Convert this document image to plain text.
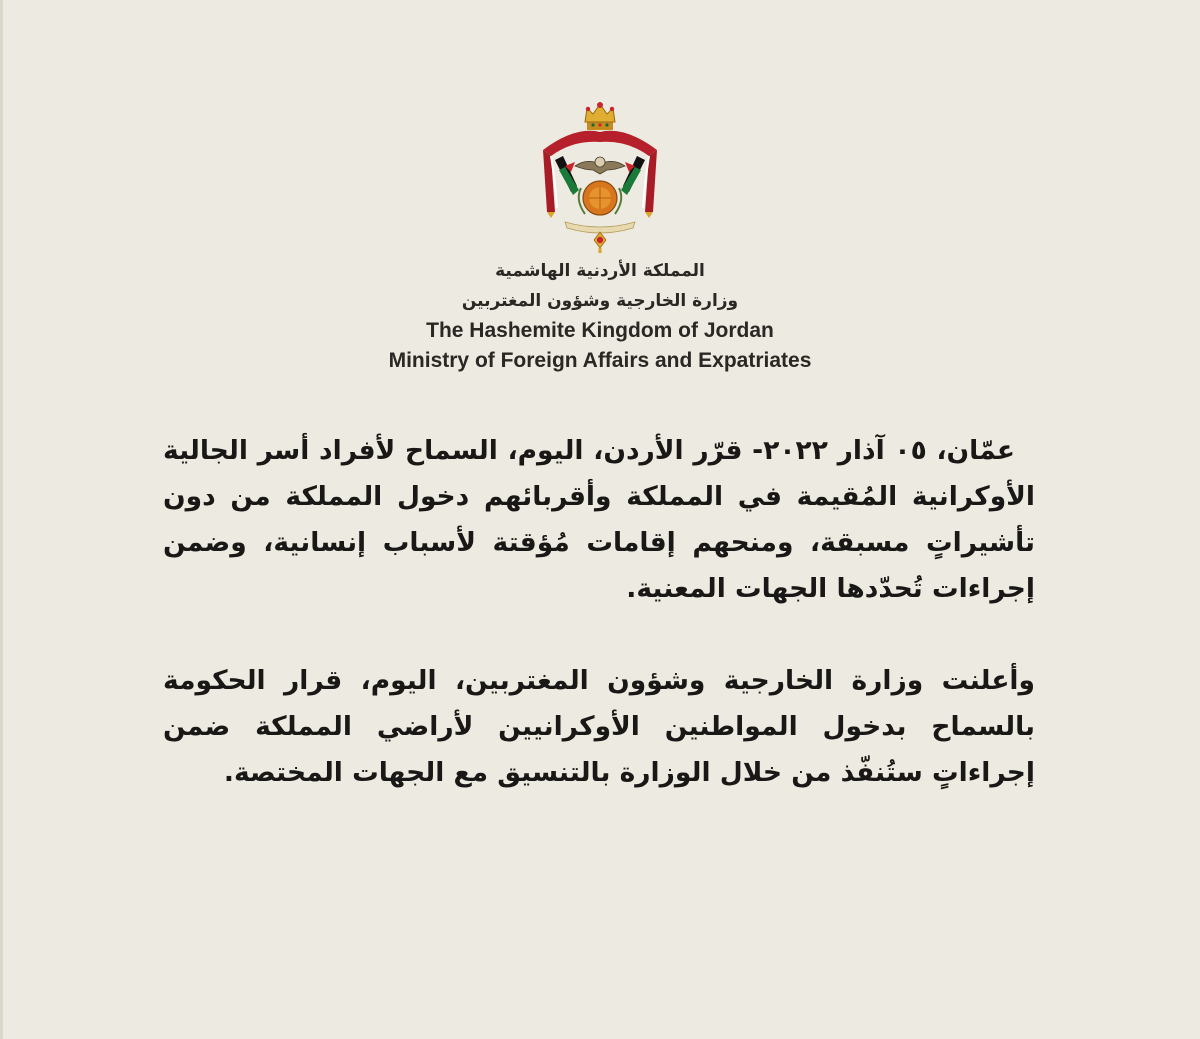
المملكة الأردنية الهاشمية
وزارة الخارجية وشؤون المغتربين
The Hashemite Kingdom of Jordan
Ministry of Foreign Affairs and Expatriates

عمّان، ٠٥ آذار ٢٠٢٢- قرّر الأردن، اليوم، السماح لأفراد أسر الجالية الأوكرانية المُقيمة في المملكة وأقربائهم دخول المملكة من دون تأشيراتٍ مسبقة، ومنحهم إقامات مُؤقتة لأسباب إنسانية، وضمن إجراءات تُحدّدها الجهات المعنية.

وأعلنت وزارة الخارجية وشؤون المغتربين، اليوم، قرار الحكومة بالسماح بدخول المواطنين الأوكرانيين لأراضي المملكة ضمن إجراءاتٍ ستُنفّذ من خلال الوزارة بالتنسيق مع الجهات المختصة.
